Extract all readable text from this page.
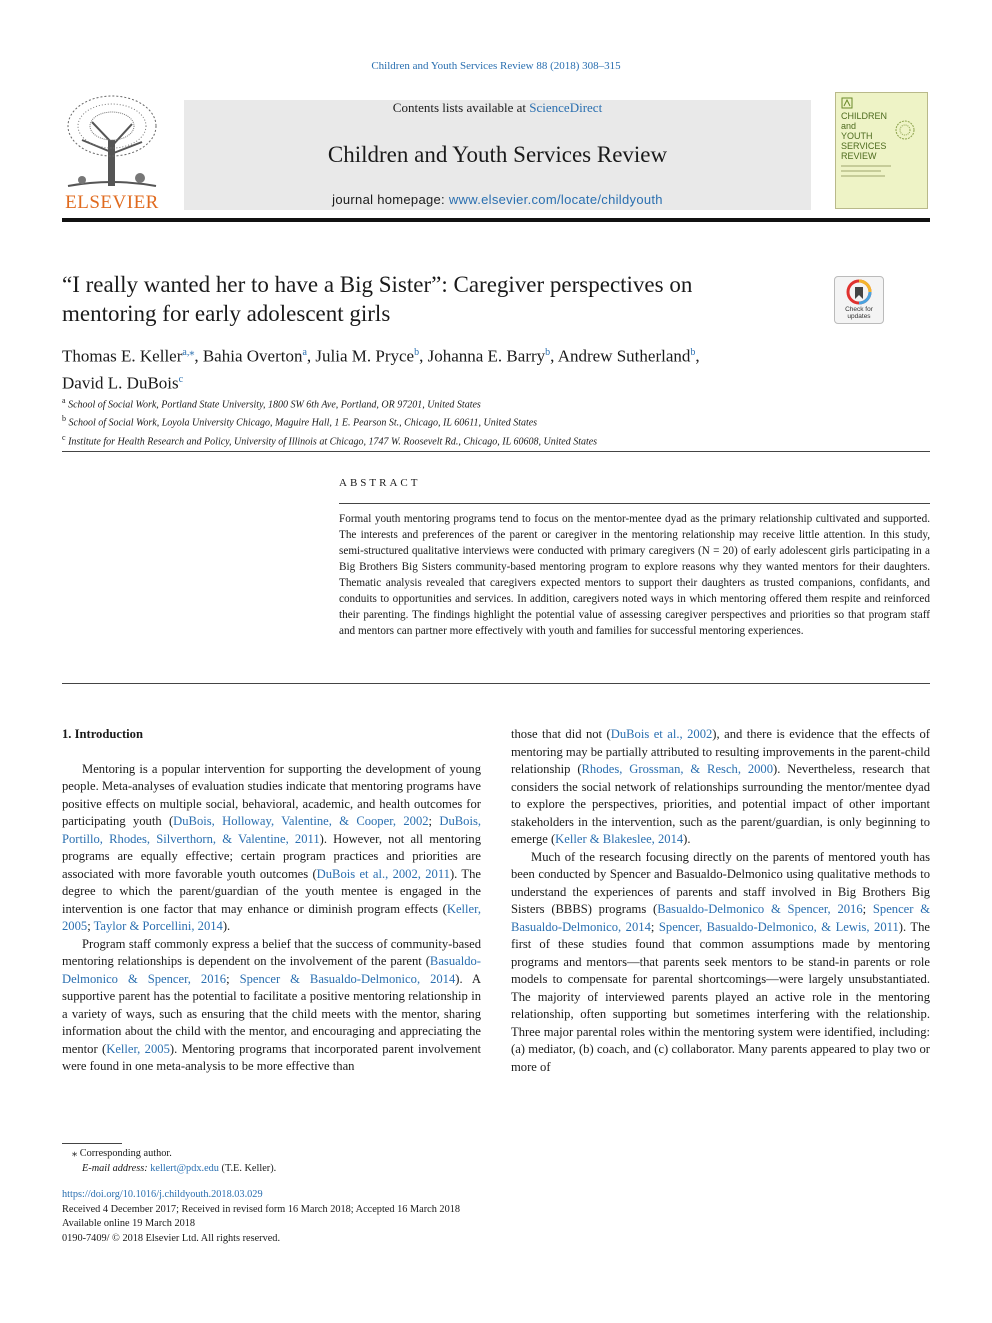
Children and Youth Services Review 88 (2018) 308–315
ELSEVIER
Contents lists available at ScienceDirect
Children and Youth Services Review
journal homepage: www.elsevier.com/locate/childyouth
CHILDREN
and
YOUTH
SERVICES
REVIEW
“I really wanted her to have a Big Sister”: Caregiver perspectives on
mentoring for early adolescent girls	Check for updates
Thomas E. Keller$^{a,⁎}$, Bahia Overton$^a$, Julia M. Pryce$^b$, Johanna E. Barry$^b$, Andrew Sutherland$^b$,
David L. DuBois$^c$
$^a$ School of Social Work, Portland State University, 1800 SW 6th Ave, Portland, OR 97201, United States
$^b$ School of Social Work, Loyola University Chicago, Maguire Hall, 1 E. Pearson St., Chicago, IL 60611, United States
$^c$ Institute for Health Research and Policy, University of Illinois at Chicago, 1747 W. Roosevelt Rd., Chicago, IL 60608, United States
ABSTRACT
Formal youth mentoring programs tend to focus on the mentor-mentee dyad as the primary relationship cultivated and supported. The interests and preferences of the parent or caregiver in the mentoring relationship may receive little attention. In this study, semi-structured qualitative interviews were conducted with primary caregivers (N = 20) of early adolescent girls participating in a Big Brothers Big Sisters community-based mentoring program to explore reasons why they wanted mentors for their daughters. Thematic analysis revealed that caregivers expected mentors to support their daughters as trusted companions, confidants, and conduits to opportunities and services. In addition, caregivers noted ways in which mentoring offered them respite and reinforced their parenting. The findings highlight the potential value of assessing caregiver perspectives and priorities so that program staff and mentors can partner more effectively with youth and families for successful mentoring experiences.
1. Introduction

Mentoring is a popular intervention for supporting the development of young people. Meta-analyses of evaluation studies indicate that mentoring programs have positive effects on multiple social, behavioral, academic, and health outcomes for participating youth (DuBois, Holloway, Valentine, & Cooper, 2002; DuBois, Portillo, Rhodes, Silverthorn, & Valentine, 2011). However, not all mentoring programs are equally effective; certain program practices and priorities are associated with more favorable youth outcomes (DuBois et al., 2002, 2011). The degree to which the parent/guardian of the youth mentee is engaged in the intervention is one factor that may enhance or diminish program effects (Keller, 2005; Taylor & Porcellini, 2014).

Program staff commonly express a belief that the success of community-based mentoring relationships is dependent on the involvement of the parent (Basualdo-Delmonico & Spencer, 2016; Spencer & Basualdo-Delmonico, 2014). A supportive parent has the potential to facilitate a positive mentoring relationship in a variety of ways, such as ensuring that the child meets with the mentor, sharing information about the child with the mentor, and encouraging and appreciating the mentor (Keller, 2005). Mentoring programs that incorporated parent involvement were found in one meta-analysis to be more effective than

those that did not (DuBois et al., 2002), and there is evidence that the effects of mentoring may be partially attributed to resulting improvements in the parent-child relationship (Rhodes, Grossman, & Resch, 2000). Nevertheless, research that considers the social network of relationships surrounding the mentor/mentee dyad to explore the perspectives, priorities, and potential impact of other important stakeholders in the intervention, such as the parent/guardian, is only beginning to emerge (Keller & Blakeslee, 2014).

Much of the research focusing directly on the parents of mentored youth has been conducted by Spencer and Basualdo-Delmonico using qualitative methods to understand the experiences of parents and staff involved in Big Brothers Big Sisters (BBBS) programs (Basualdo-Delmonico & Spencer, 2016; Spencer & Basualdo-Delmonico, 2014; Spencer, Basualdo-Delmonico, & Lewis, 2011). The first of these studies found that common assumptions made by mentoring programs and mentors—that parents seek mentors to be stand-in parents or role models to compensate for parental shortcomings—were largely unsubstantiated. The majority of interviewed parents played an active role in the mentoring relationship, often supporting but sometimes interfering with the relationship. Three major parental roles within the mentoring system were identified, including: (a) mediator, (b) coach, and (c) collaborator. Many parents appeared to play two or more of

⁎ Corresponding author.
E-mail address: kellert@pdx.edu (T.E. Keller).
https://doi.org/10.1016/j.childyouth.2018.03.029
Received 4 December 2017; Received in revised form 16 March 2018; Accepted 16 March 2018
Available online 19 March 2018
0190-7409/ © 2018 Elsevier Ltd. All rights reserved.
